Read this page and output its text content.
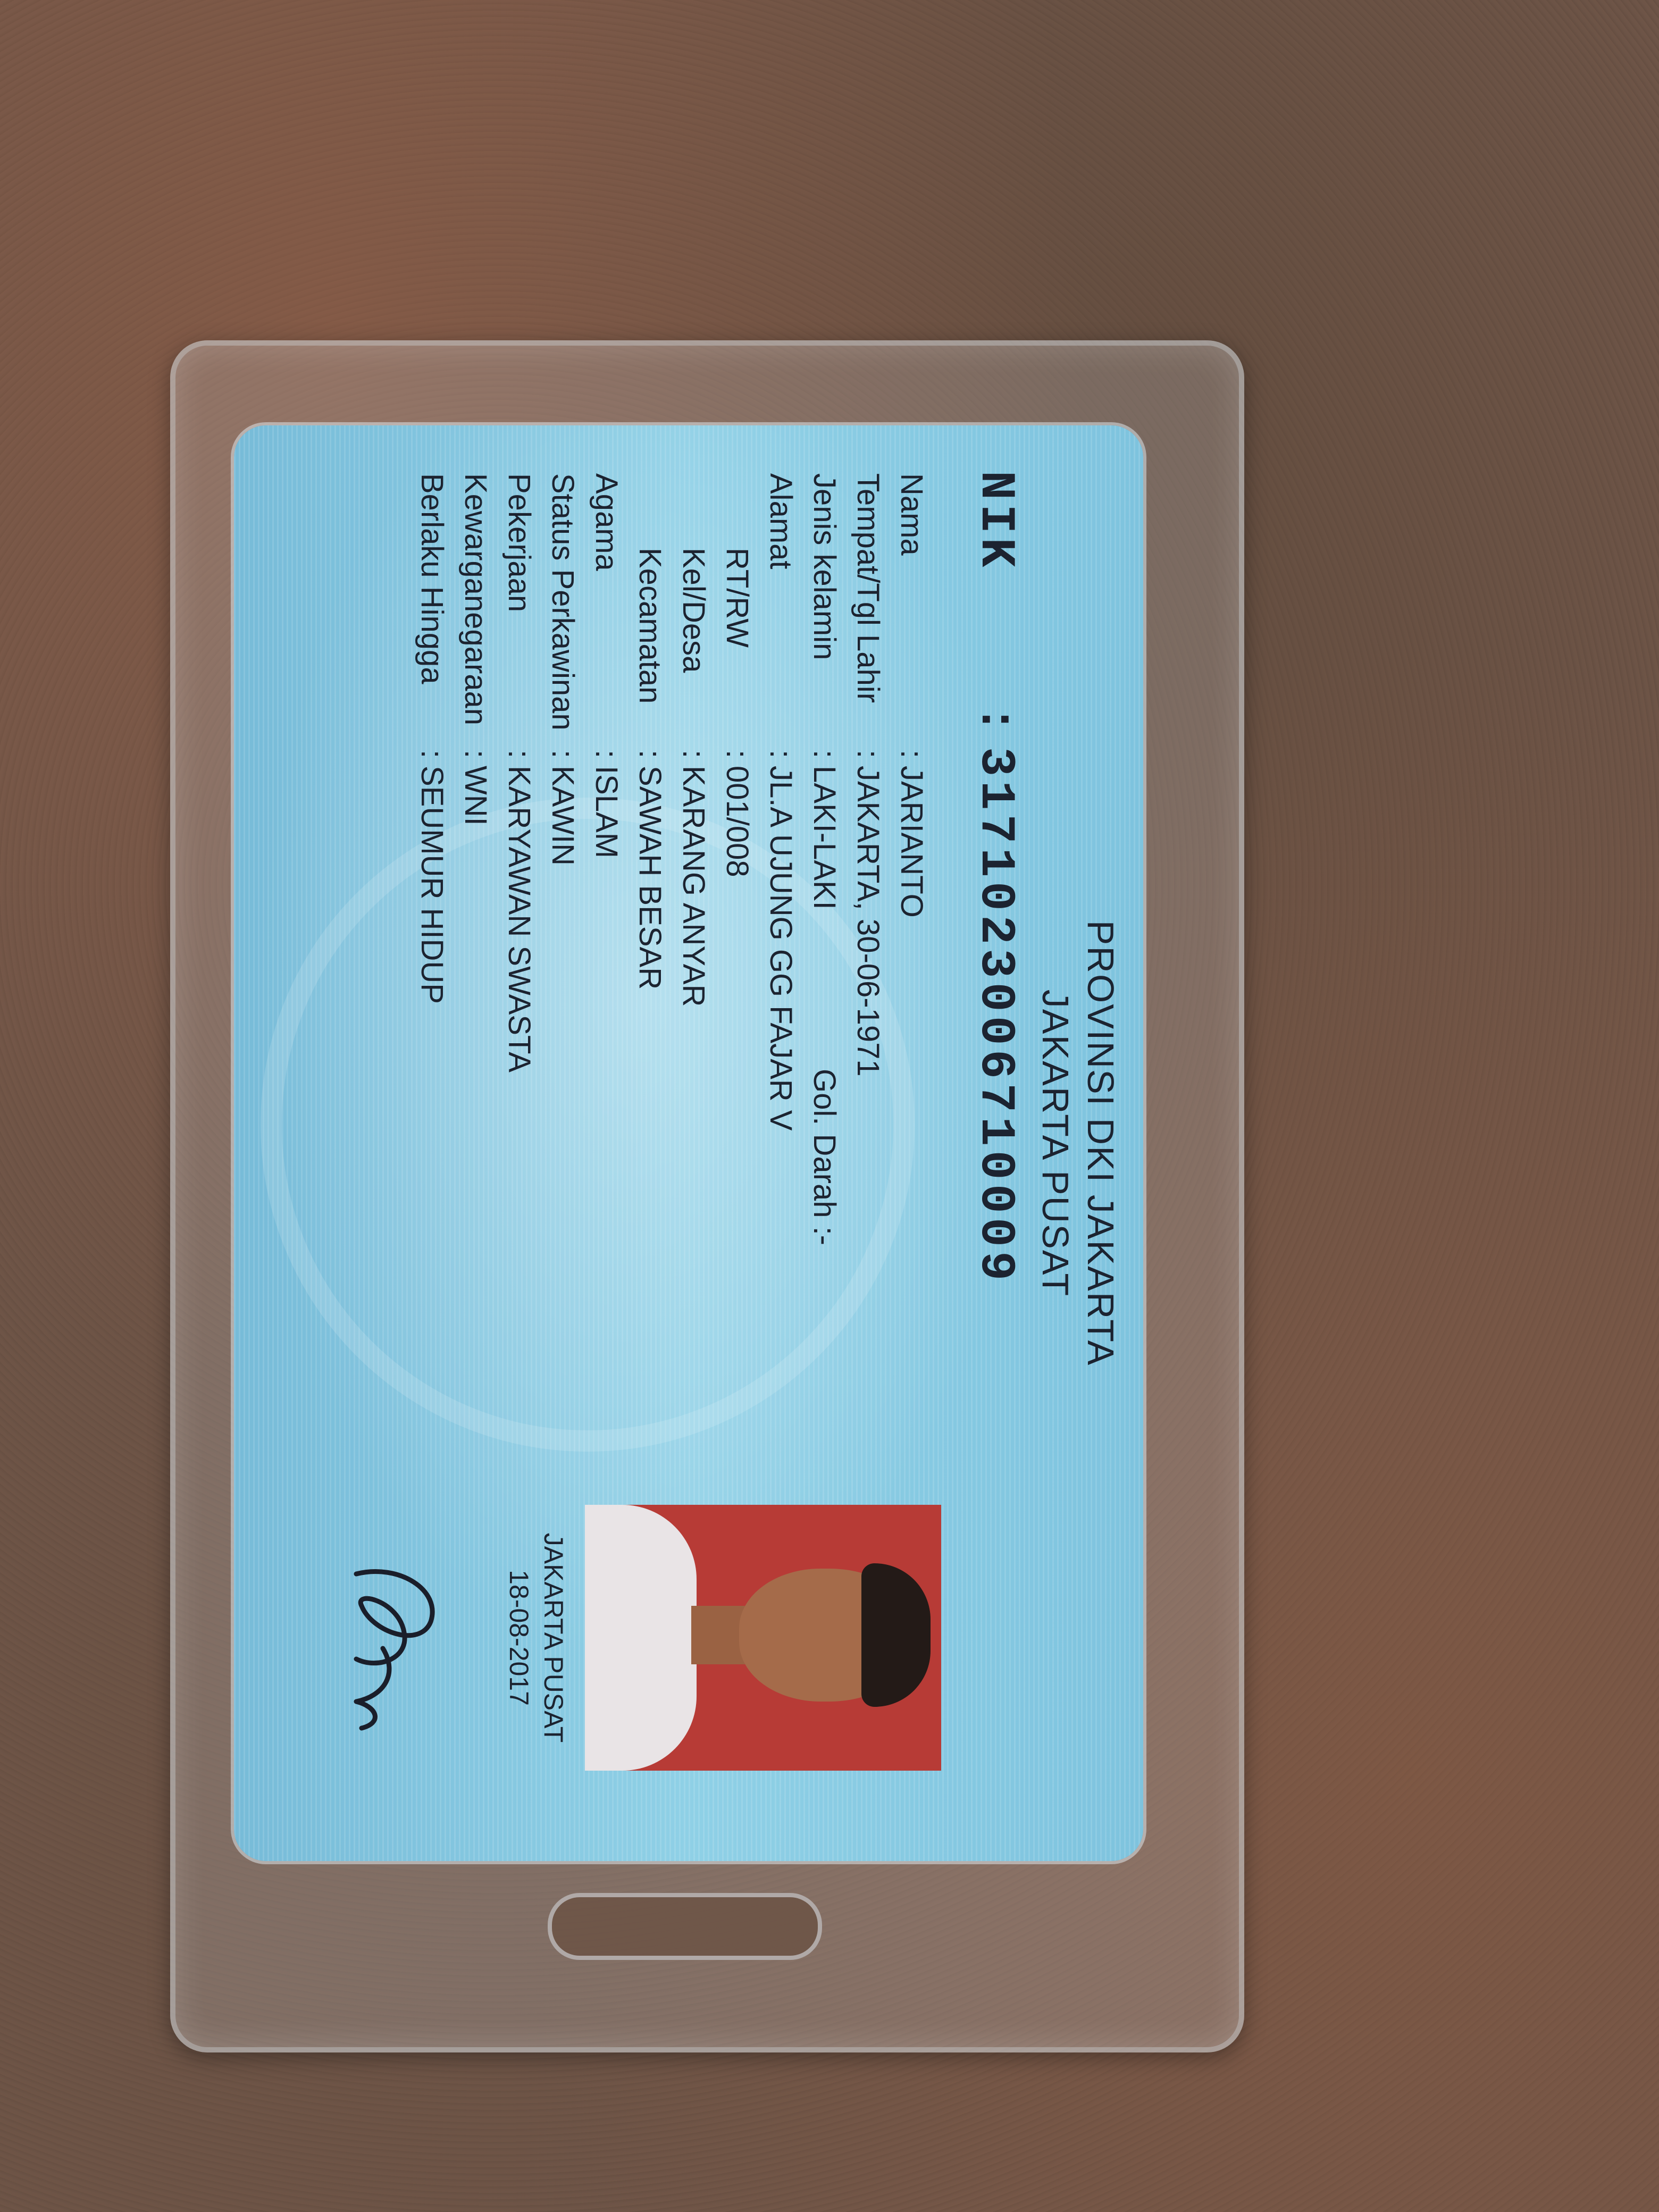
PROVINSI DKI JAKARTA
JAKARTA PUSAT
NIK:3171023006710009
Nama:JARIANTO
Tempat/Tgl Lahir:JAKARTA, 30-06-1971
Jenis kelamin:LAKI-LAKI
Gol. Darah :-
Alamat:JL.A UJUNG GG FAJAR V
RT/RW:001/008
Kel/Desa:KARANG ANYAR
Kecamatan:SAWAH BESAR
Agama:ISLAM
Status Perkawinan:KAWIN
Pekerjaan:KARYAWAN SWASTA
Kewarganegaraan:WNI
Berlaku Hingga:SEUMUR HIDUP
JAKARTA PUSAT
18-08-2017
